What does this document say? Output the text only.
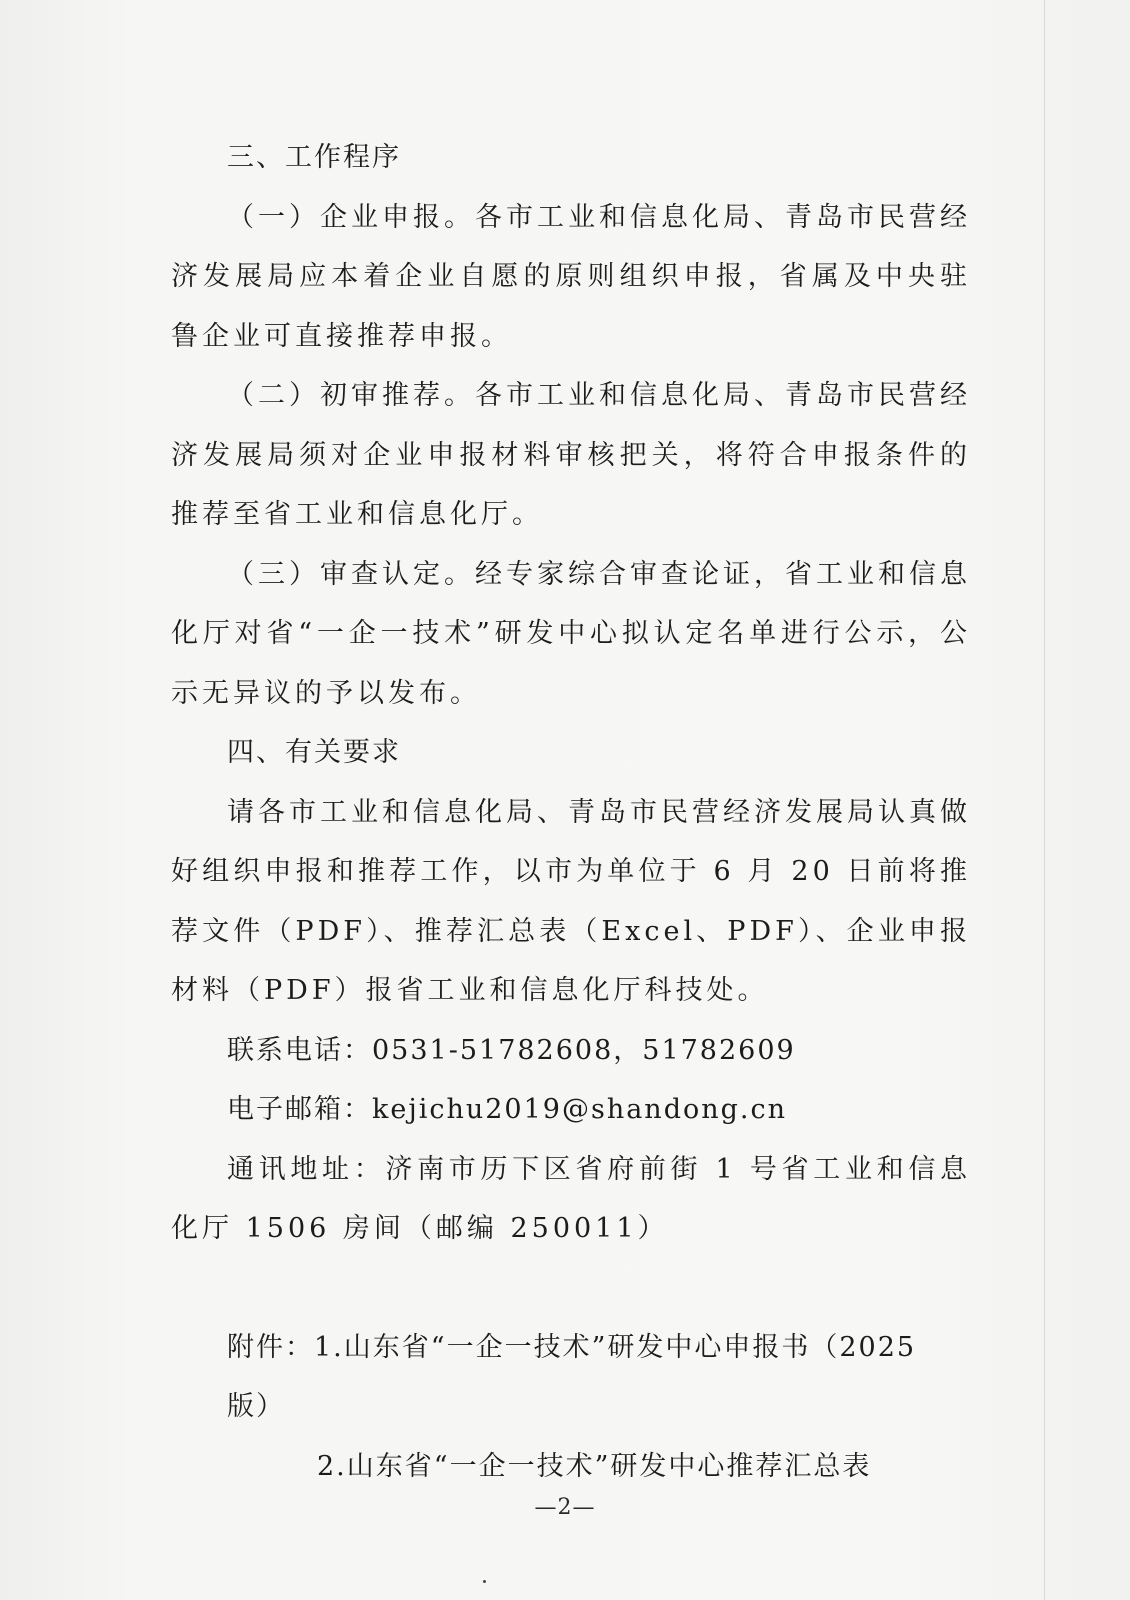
三、工作程序

（一）企业申报。各市工业和信息化局、青岛市民营经济发展局应本着企业自愿的原则组织申报，省属及中央驻鲁企业可直接推荐申报。

（二）初审推荐。各市工业和信息化局、青岛市民营经济发展局须对企业申报材料审核把关，将符合申报条件的推荐至省工业和信息化厅。

（三）审查认定。经专家综合审查论证，省工业和信息化厅对省“一企一技术”研发中心拟认定名单进行公示，公示无异议的予以发布。

四、有关要求

请各市工业和信息化局、青岛市民营经济发展局认真做好组织申报和推荐工作，以市为单位于 6 月 20 日前将推荐文件（PDF）、推荐汇总表（Excel、PDF）、企业申报材料（PDF）报省工业和信息化厅科技处。

联系电话：0531-51782608，51782609

电子邮箱：kejichu2019@shandong.cn

通讯地址：济南市历下区省府前街 1 号省工业和信息化厅 1506 房间（邮编 250011）

附件：1.山东省“一企一技术”研发中心申报书（2025 版）

2.山东省“一企一技术”研发中心推荐汇总表

—2—
